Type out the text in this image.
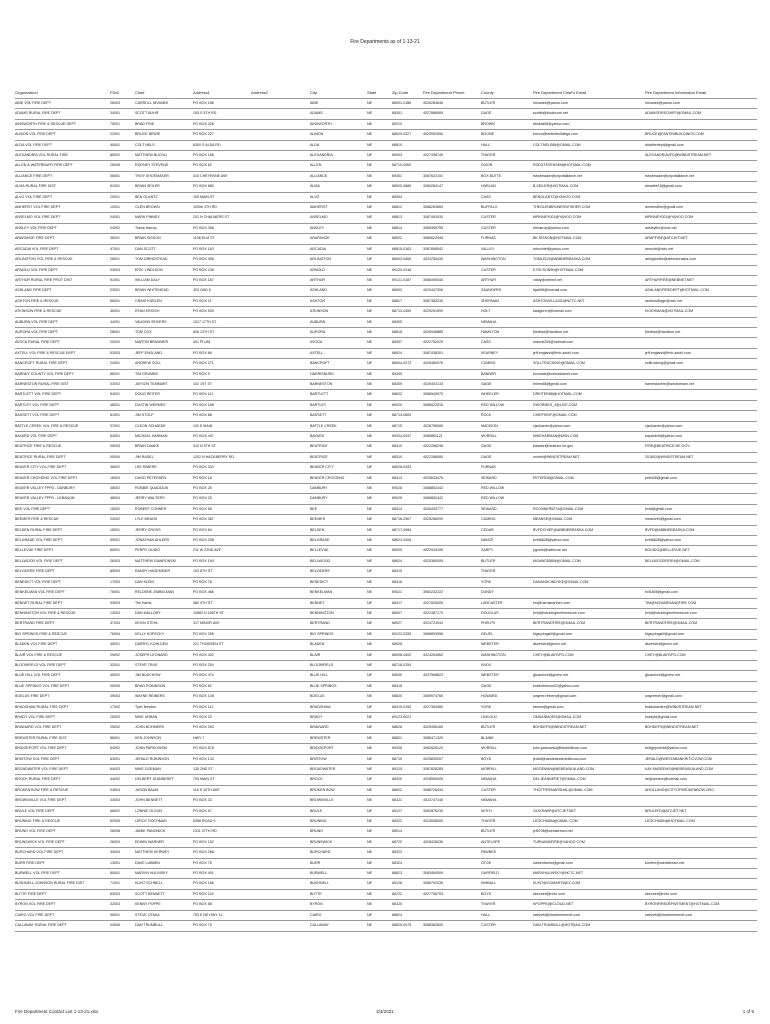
Fire Departments as of 1-13-21
Organization	FDID	Chief	Address1	Address2	City	State	Zip Code	Fire Department Phone	County	Fire Department Chief's Email	Fire Department Information Email
ABIE VOL FIRE DEPT	26003	CARROLL NIVANEK	PO BOX 186		ABIE	NE	68001-0186	4026284646	BUTLER	rnivanek@yahoo.com	rnivanek@yahoo.com
ADAMS RURAL FIRE DEPT	34001	SCOTT BUHR	105 S 5TH RD		ADAMS	NE	68301	4027888065	GAGE	scottb@diodecom.net	ADAMSFIRECHIEF@GMAIL.COM
AINSWORTH FIRE & RESCUE DEPT	75001	BRAD FINK	PO BOX 426		AINSWORTH	NE	69210		BROWN	bfinkaii08@yahoo.com	
ALBION VOL FIRE DEPT	23001	BRUCE BEWIE	PO BOX 227		ALBION	NE	68620-0227	4023952650	BOONE	bricon@fantinibuildings.com	BRUCE@FANTINIBUILDINGS.COM
ALDA VOL FIRE DEPT	40001	COLT NELS	6300 S ALDA RD		ALDA	NE	68810		HALL	COLT.NELS88@GMAIL.COM	aldafiredept@gmail.com
ALEXANDRIA VOL RURAL FIRE	85002	MATTHEW BUCHLI	PO BOX 158		ALEXANDRIA	NE	68303	4027498740	THAYER		ALEXANDRIAVFD@WINDSTREAM.NET
ALLEN & WATERBURY FIRE DEPT	26005	RODNEY STEVENS	PO BOX 62		ALLEN	NE	68710-0062		DIXON	RODSTEVENS69@HOTMAIL.COM	
ALLIANCE FIRE DEPT	06001	TROY SHOEMAKER	315 CHEYENNE AVE		ALLIANCE	NE	69301	3087622151	BOX BUTTE	tshoemaker@cityofalliance.net	tshoemaker@cityofalliance.net
ALMA RURAL FIRE DIST	51001	BRIAN SEILER	PO BOX 680		ALMA	NE	68920-0680	3089284147	HARLAN	B.SEILER@HOTMAIL.COM	almafire18@gmail.com
ALVO VOL FIRE DEPT	20001	BEN GLANTZ	105 MAIN ST		ALVO	NE	68304		CASS	BENGLANTZ@YAHOO.COM	
AMHERST VOL FIRE DEPT	10001	GLEN BROWN	1000b 3TH RD		AMHERST	NE	68812	3088263660	BUFFALO	THEGLENBRUNERSFISHER.COM	amherstfire@gmail.com
ANSELMO VOL FIRE DEPT	04001	MARK PINNEY	201 N CHALMERS ST		ANSELMO	NE	68813	3087493430	CUSTER	MPINNEY001@YAHOO.COM	MPINNEY001@YAHOO.COM
ANSLEY VOL FIRE DEPT	04002	Travis Harrop	PO BOX 398		ANSLEY	NE	68814	3089359755	CUSTER	trhharrop@yahoo.com	ansleyfire@nctc.net
ARAPAHOE FIRE DEPT	36001	BRIAN SISSON	1108 ELM ST		ARAPAHOE	NE	68922	3089622445	FURNAS	BK.SISSON@HOTMAIL.COM	ARAPFIRE@ATCJET.NET
ARCADIA VOL FIRE DEPT	47001	DAN SCOTT	PO BOX 163		ARCADIA	NE	68815-0163	3087898542	VALLEY	rbbcchief@yahoo.com	drrscott@nctc.net
ARLINGTON VOL FIRE & RESCUE	28001	TOM GRINDSTEAD	PO BOX 406		ARLINGTON	NE	68002-0406	4024783430	WASHINGTON	TGMLEDS@ABBNEBRASKA.COM	arlingtonfire@abbnebraska.com
ARNOLD VOL FIRE DEPT	04003	ERIC LINDLSON	PO BOX 236		ARNOLD	NE	69120-0316		CUSTER	E.RICSON90@HOTMAIL.COM	
ARTHUR RURAL FIRE PROT DIST	91001	WILLIAM DALY	PO BOX 187		ARTHUR	NE	69121-0187	3086490040	ARTHUR	vdaly@nebnet.net	ARTHURFIRE@NEBNET.NET
ASHLAND FIRE DEPT	03001	BRIAN WHITEHEAD	303 OAD 6		ASHLAND	NE	68003	4029447006	SAUNDERS	bjwil98@hotmail.com	ASHLANDFIREDEPT@HOTMAIL.COM
ASHTON FIRE & RESCUE	56001	CRAIG KARLEN	PO BOX 21		ASHTON	NE	68817	3087383230	SHERMAN	ASHTONVILLAGE@NCTC.NET	ashtonvillage@nctc.net
ATKINSON FIRE & RESCUE	36001	RYAN KRIOSH	PO BOX 539		ATKINSON	NE	68713-0450	4029251590	HOLT	kwaghren@hotmail.com	KIOEHMAN@HOTMAIL.COM
AUBURN VOL FIRE DEPT	44001	VAUGHN SEIVERS	1017 17TH ST		AUBURN	NE	68305		NEMAHA		
AURORA VOL FIRE DEPT	28001	TOM COX	606 13TH ST		AURORA	NE	68818	4026948885	HAMILTON	firedept@hamilton.net	firedept@hamilton.net
AVOCA RURAL FIRE DEPT	20002	MARTIN BRAMMER	401 PLUM		AVOCA	NE	68307	4022752025	CASS	marruti209@hotmail.com	
AXTELL VOL FIRE & RESCUE DEPT	52003	JEFF ENGLAND	PO BOX 86		AXTELL	NE	68924	3087436301	KEARNEY	jeff.england@frnb-axtell.com	jeff.england@frnb-axtell.com
BANCROFT RURAL FIRE DEPT	24001	ANDREW SOLL	PO BOX 271		BANCROFT	NE	68004-0272	4026480076	CUMING	SOLLTRUCKING@GMAIL.COM	solltrucking@gmail.com
BARNEY COUNTY VOL FIRE DEPT	86001	TIM GRUMBS	PO BOX 9		HARRISBURG	NE	69345		BANNER	bcrosats@nebraskanet.com	
BARNESTON RURAL FIRE DIST	03002	JAYSON TEMMART	102 1ST ST		BARNESTON	NE	68309	4026403133	GAGE	teimm88@gmail.com	barnestonfire@windstream.net
BARTLETT VOL FIRE DEPT	84001	DOUG REITER	PO BOX 111		BARTLETT	NE	68622	3086540970	WHEELER	DREITER88@HOTMAIL.COM	
BARTLEY VOL FIRE DEPT	48001	DUSTIN WERMES	PO BOX 188		BARTLEY	NE	69020	3086922516	RED WILLOW	DWORMES_4@LIVE.COM	
BASSETT VOL FIRE DEPT	81001	JIM STOLP	PO BOX 68		BASSETT	NE	68714-0605		ROCK	CHIEF90VF@GMAIL.COM	
BATTLE CREEK VOL FIRE & RESCUE	07001	CLEON SCHAEDE	100 E MAIN		BATTLE CREEK	NE	68715	4026758080	MADISON	cjschaede@yahoo.com	cjschaede@yahoo.com
BAYARD VOL FIRE DEPT	64001	MICHAEL HARMAN	PO BOX 447		BAYARD	NE	69334-0047	3085861121	MORRILL	MIKEHARMAN@MSN.COM	bayardvfd@yahoo.com
BEATRICE FIRE & RESCUE	05003	BRIAN DAAKE	310 N 5TH ST		BEATRICE	NE	68310	4022286246	GAGE	bdaake@beatrice.ne.gov	FIRE@BEATRICE.NE.GOV
BEATRICE RURAL FIRE DEPT	05004	JIM RASEL	1202 N HACKBERRY RD		BEATRICE	NE	68310	4022288080	GAGE	rrcbrfd@WINDSTREAM.NET	201802@WINDSTREAM.NET
BEAVER CITY VOL FIRE DEPT	38002	LEE SIMERS	PO BOX 333		BEAVER CITY	NE	68926-0333		FURNAS		
BEAVER CROSSING VOL FIRE DEPT	16004	DAVID PETERSEN	PO BOX 18		BEAVER CROSSING	NE	68313	4025633476	SEWARD	PETERD8@GMAIL.COM	petel08@gmail.com
BEAVER VALLEY FPPD - DANBURY	48002	ROBBIE QUADDLIN	PO BOX 25		DANBURY	NE	69026	3088852442	RED WILLOW		
BEAVER VALLEY FPPD - LEBANON	48004	JERRY WALTERS	PO BOX 25		DANBURY	NE	69026	3088852442	RED WILLOW		
BEE VOL FIRE DEPT	16002	ROBERT CONNER	PO BOX 56		BEE	NE	68314	4026430777	SEWARD	RCONNER5274@GMAIL.COM	bvfd@gmail.com
BEEMER FIRE & RESCUE	24002	LYLE MEANS	PO BOX 367		BEEMER	NE	68716-0367	4025286090	CUMING	MEANSE@GMAIL.COM	meanlve0@gmail.com
BELDEN RURAL FIRE DEPT	15001	JERRY GROSS	PO BOX 84		BELDEN	NE	68717-0084		CEDAR	BVFDCHIEF@ABBNEBRASKA.COM	BVFD@ABBNEBRASKA.COM
BELGRADE VOL FIRE DEPT	59001	JONATHAN AHLERS	PO BOX 208		BELGRADE	NE	68623-0208		NANCE	bvfd8828@yahoo.com	bvfd8828@yahoo.com
BELLEVUE FIRE DEPT	65001	PERRY GUIDO	211 W 22ND AVE		BELLEVUE	NE	68005	4022933159	SARPY	pguido@bellevue.net	BGUIDO@BELLEVUE.NET
BELLWOOD VOL FIRE DEPT	26003	MATTHEW GAWRONSKI	PO BOX 194		BELLWOOD	NE	68624	4025380005	BUTLER	MGAW035854@GMAIL.COM	BELLWOODFIRE4@GMAIL.COM
BELVIDERE FIRE DEPT	85003	RANDY HAGEMEIER	103 8TH ST		BELVIDERE	NE	68315		THAYER		
BENEDICT VOL FIRE DEPT	17003	DAN KLEIN	PO BOX 76		BENEDICT	NE	68316		YORK	DANANDCINDYKE@GMAIL.COM	
BENKELMAN VOL FIRE DEPT	76001	RELDENE ZIMBELMAN	PO BOX 466		BENKELMAN	NE	69021	3084232222	DUNDY		bvf1808@gmail.com
BENNET RURAL FIRE DEPT	03003	Tim Harris	480 9TH ST		BENNET	NE	68317	4027826005	LANCASTER	tim@harrisearthen.com	TIM@HOWARDANDFIRE.COM
BENNINGTON VOL FIRE & RESCUE	14003	DAN MALLORY	10883 N 156TH ST		BENNINGTON	NE	68007	4022387170	DOUGLAS	bvfd@benningtonfirerescue.com	bvfd@benningtonfirerescue.com
BERTRAND FIRE DEPT	37004	KEVIN STEHL	317 MINOR AVE		BERTRAND	NE	68927	4024723044	PHELPS	BERTRANDFIRE@GMAIL.COM	BERTRANDFIRE@GMAIL.COM
BIG SPRINGS FIRE & RESCUE	76004	KELLY KOPECKY	PO BOX 255		BIG SPRINGS	NE	69122-0255	3088893556	DEUEL	bigspringsfd@gmail.com	bigspringsfd@gmail.com
BLADEN VOL FIRE DEPT	45001	DARRYL KOHLDEN	221 THOMSEN ST		BLADEN	NE	68928		WEBSTER	dkoehler@gmmc.net	dkoehler@gmmc.net
BLAIR VOL FIRE & RESCUE	29002	JOSEPH LEONARD	PO BOX 402		BLAIR	NE	68008-0402	4024264562	WASHINGTON	CHEY@BLAIRVFD.COM	CHEY@BLAIRVFD.COM
BLOOMFIELD VOL FIRE DEPT	32001	STEVE TRUE	PO BOX 254		BLOOMFIELD	NE	68718-0254		KNOX		
BLUE HILL VOL FIRE DEPT	45002	JIM BUSCHOW	PO BOX 474		BLUE HILL	NE	68930	4037568822	WEBSTER	jjbuschow@gmmc.net	jjbuschow@gmmc.net
BLUE SPRINGS VOL FIRE DEPT	05005	BRAD ROBINSON	PO BOX 82		BLUE SPRINGS	NE	68318		GAGE	bradrobinson02@yahoo.com	
BOELUS FIRE DEPT	49003	WAYNE REINERS	PO BOX 108		BOELUS	NE	68820	3089974765	HOWARD	wayner.reiners@gmail.com	waynetner@gmail.com
BRADSHAW RURAL FIRE DEPT	17002	Tyler Newton	PO BOX 112		BRADSHAW	NE	68319-0152	4027364980	YORK	tdnewt@gmail.com	bradshawfire@WINDSTREAM.NET
BRADY VOL FIRE DEPT	26003	MIKE URBAN	PO BOX 23		BRADY	NE	69123-0021		LINCOLN	OMSANMOEN@GMAIL.COM	bradyfd@gmail.com
BRAINARD VOL FIRE DEPT	25002	JOHN BOHMERS	PO BOX 263		BRAINARD	NE	68626	4025456180	BUTLER	BOHDEFS@WINDSTREAM.NET	BOHDEFS@WINDSTREAM.NET
BREWSTER RURAL FIRE DIST	86001	KEN JOHNSON	HWY 7		BREWSTER	NE	68821	3085471320	BLAINE		
BRIDGEPORT VOL FIRE DEPT	64002	JOHN PARKOWSKI	PO BOX 578		BRIDGEPORT	NE	69336	3082626120	MORRILL	john.parkowski@bksbhillcorp.com	bridgeportvfd@yahoo.com
BRISTOW VOL FIRE DEPT	63001	JERALD ROBINSON	PO BOX 133		BRISTOW	NE	68719	4025830007	BOYD	jerald@westelanderkriticvow.com	JERALD@WESTABANKRITICVOW.COM
BROADWATER VOL FIRE DEPT	64003	MIKE GOEMAN	135 2ND ST		BROADWATER	NE	69125	3087828285	MORRILL	MGOEMAN@NEBRASKALAND.COM	KAY.ANDREWS@NEBRASKALAND.COM
BROCK RURAL FIRE DEPT	44002	DELBERT JEANNERET	705 MAIN ST		BROCK	NE	68320	4028550005	NEMAHA	DELJEANNERET@GMAIL.COM	deljeannere@hotmail.com
BROKEN BOW FIRE & RESCUE	04004	JASON BAUM	116 S 10TH AVE		BROKEN BOW	NE	68822	3088726434	CUSTER	THOTFIREMARSHAL@GMAIL.COM	AHOLLAND@CITYOFBROKENBOW.ORG
BROWNVILLE VOL FIRE DEPT	44003	JOHN BENNETT	PO BOX 33		BROWNVILLE	NE	68321	4023747145	NEMAHA		
BRULE VOL FIRE DEPT	68002	LONNIE OLSON	PO BOX 57		BRULE	NE	69127	3082876230	KEITH	OLSONWP@ATCJET.NET	BRULEFD@ATCJET.NET
BRUNING FIRE & RESCUE	52005	LEROY ROCHMAN	6356 ROAD 9		BRUNING	NE	68322	4023538000	THAYER	LROCHMAN@GMAIL.COM	LROCHMAN@HOTMAIL.COM
BRUNO VOL FIRE DEPT	26008	JAMIE PANONICK	2311 37TH RD		BRUNO	NE	68014		BUTLER	jvf6708@windstream.net	
BRUNSWICK VOL FIRE DEPT	26003	EDWIN WARNER	PO BOX 152		BRUNSWICK	NE	68720	4028426036	ANTELOPE	TURNAWAFIRE@YAHOO.COM	
BURCHARD VOL FIRE DEPT	34003	MATTHEW KERWEY	PO BOX 268		BURCHARD	NE	68323		PAWNEE		
BURR FIRE DEPT	13001	DAVE LUBBEN	PO BOX 75		BURR	NE	68324		OTOE	lubbenfarms@gmail.com	burrfire@windstream.net
BURWELL VOL FIRE DEPT	80001	MARVIN HULINSKY	PO BOX 401		BURWELL	NE	68823	3083464509	GARFIELD	MARVHULINSKY@NCTC.NET	
BUSHNELL-JOHNSON RURAL FIRE DIST	71001	KLINT SCHNELL	PO BOX 166		BUSHNELL	NE	69128	3086792036	KIMBALL	KLINT@GOMARTINEZ.COM	
BUTTE FIRE DEPT	63003	SCOTT BENNETT	PO BOX 102		BUTTE	NE	68722	4027756793	BOYD	sbennett@nntc.com	sbennett@nntc.com
BYRON VOL FIRE DEPT	32003	KENNY POPPE	PO BOX 68		BYRON	NE	68325		THAYER	KPOPPE@ICLOUD.NET	BYRONFIREDEPARTMENT@HOTMAIL.COM
CAIRO VOL FIRE DEPT	06001	STEVE OTAKA	753 E NE HWY 11		CAIRO	NE	68824		HALL	cairovfd@charterinternet.com	cairovfd@charterinternet.com
CALLAWAY RURAL FIRE DEPT	04006	DAN TRUMBULL	PO BOX 75		CALLAWAY	NE	68825-0075	3088362600	CUSTER	DAN-TRUMBULL@HOTMAIL.COM	
Fire Department Contact List 1-13-21.xlsx	2/4/2021	1 of 6
